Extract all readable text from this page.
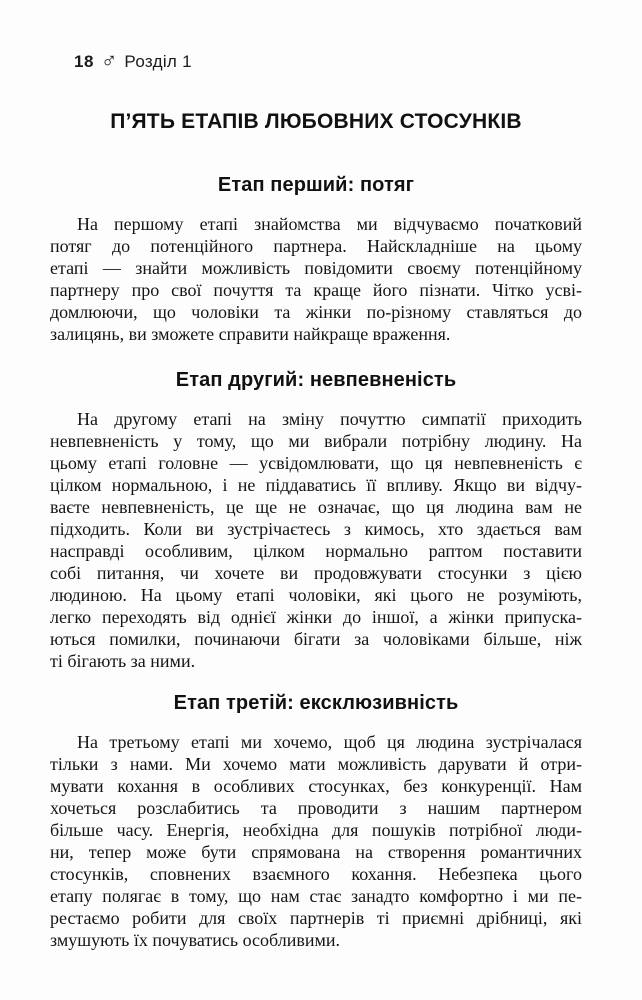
18 ♂ Розділ 1
П’ЯТЬ ЕТАПІВ ЛЮБОВНИХ СТОСУНКІВ
Етап перший: потяг
На першому етапі знайомства ми відчуваємо початковий
потяг до потенційного партнера. Найскладніше на цьому
етапі — знайти можливість повідомити своєму потенційному
партнеру про свої почуття та краще його пізнати. Чітко усві-
домлюючи, що чоловіки та жінки по-різному ставляться до
залицянь, ви зможете справити найкраще враження.
Етап другий: невпевненість
На другому етапі на зміну почуттю симпатії приходить
невпевненість у тому, що ми вибрали потрібну людину. На
цьому етапі головне — усвідомлювати, що ця невпевненість є
цілком нормальною, і не піддаватись її впливу. Якщо ви відчу-
ваєте невпевненість, це ще не означає, що ця людина вам не
підходить. Коли ви зустрічаєтесь з кимось, хто здається вам
насправді особливим, цілком нормально раптом поставити
собі питання, чи хочете ви продовжувати стосунки з цією
людиною. На цьому етапі чоловіки, які цього не розуміють,
легко переходять від однієї жінки до іншої, а жінки припуска-
ються помилки, починаючи бігати за чоловіками більше, ніж
ті бігають за ними.
Етап третій: ексклюзивність
На третьому етапі ми хочемо, щоб ця людина зустрічалася
тільки з нами. Ми хочемо мати можливість дарувати й отри-
мувати кохання в особливих стосунках, без конкуренції. Нам
хочеться розслабитись та проводити з нашим партнером
більше часу. Енергія, необхідна для пошуків потрібної люди-
ни, тепер може бути спрямована на створення романтичних
стосунків, сповнених взаємного кохання. Небезпека цього
етапу полягає в тому, що нам стає занадто комфортно і ми пе-
рестаємо робити для своїх партнерів ті приємні дрібниці, які
змушують їх почуватись особливими.
